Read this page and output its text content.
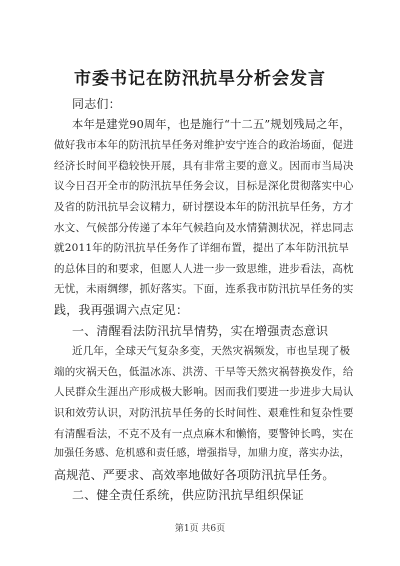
市委书记在防汛抗旱分析会发言
同志们：
本年是建党90周年，也是施行“十二五”规划残局之年，
做好我市本年的防汛抗旱任务对维护安宁连合的政治场面，促进
经济长时间平稳较快开展，具有非常主要的意义。因而市当局决
议今日召开全市的防汛抗旱任务会议，目标是深化贯彻落实中心
及省的防汛抗旱会议精力，研讨摆设本年的防汛抗旱任务，方才
水文、气候部分传递了本年气候趋向及水情猜测状况，祥忠同志
就2011年的防汛抗旱任务作了详细布置，提出了本年防汛抗旱
的总体目的和要求，但愿人人进一步一致思维，进步看法，高枕
无忧，未雨绸缪，抓好落实。下面，连系我市防汛抗旱任务的实
践，我再强调六点定见：
一、清醒看法防汛抗旱情势，实在增强责态意识
近几年，全球天气复杂多变，天然灾祸频发，市也呈现了极
端的灾祸天色，低温冰冻、洪涝、干旱等天然灾祸替换发作，给
人民群众生涯出产形成极大影响。因而我们要进一步进步大局认
识和效劳认识，对防汛抗旱任务的长时间性、艰难性和复杂性要
有清醒看法，不克不及有一点点麻木和懒惰，要警钟长鸣，实在
加强任务感、危机感和责任感，增强指导，加鼎力度，落实办法，
高规范、严要求、高效率地做好各项防汛抗旱任务。
二、健全责任系统，供应防汛抗旱组织保证
第1页 共6页
